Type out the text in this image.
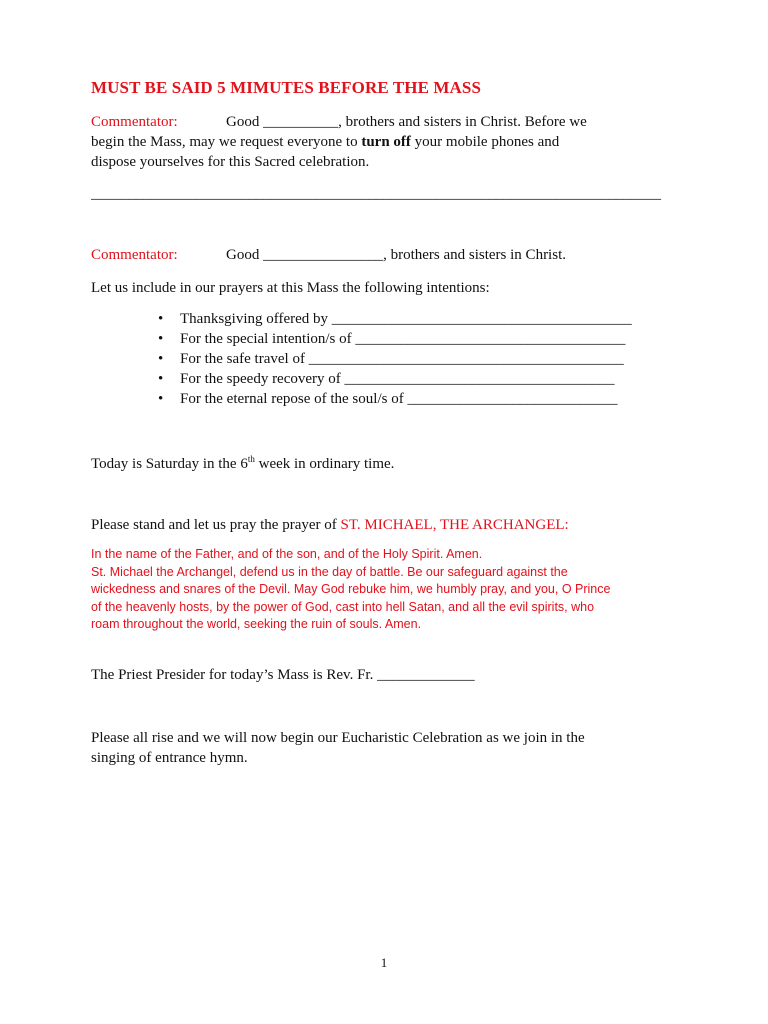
MUST BE SAID 5 MIMUTES BEFORE THE MASS
Commentator:	Good __________, brothers and sisters in Christ. Before we
begin the Mass, may we request everyone to turn off your mobile phones and
dispose yourselves for this Sacred celebration.
____________________________________________________________________________
Commentator:	Good ________________, brothers and sisters in Christ.
Let us include in our prayers at this Mass the following intentions:
• Thanksgiving offered by ________________________________________
• For the special intention/s of ____________________________________
• For the safe travel of __________________________________________
• For the speedy recovery of ____________________________________
• For the eternal repose of the soul/s of ____________________________
Today is Saturday in the 6th week in ordinary time.
Please stand and let us pray the prayer of ST. MICHAEL, THE ARCHANGEL:
In the name of the Father, and of the son, and of the Holy Spirit. Amen.
St. Michael the Archangel, defend us in the day of battle. Be our safeguard against the
wickedness and snares of the Devil. May God rebuke him, we humbly pray, and you, O Prince
of the heavenly hosts, by the power of God, cast into hell Satan, and all the evil spirits, who
roam throughout the world, seeking the ruin of souls. Amen.
The Priest Presider for today’s Mass is Rev. Fr. _____________
Please all rise and we will now begin our Eucharistic Celebration as we join in the
singing of entrance hymn.
1
